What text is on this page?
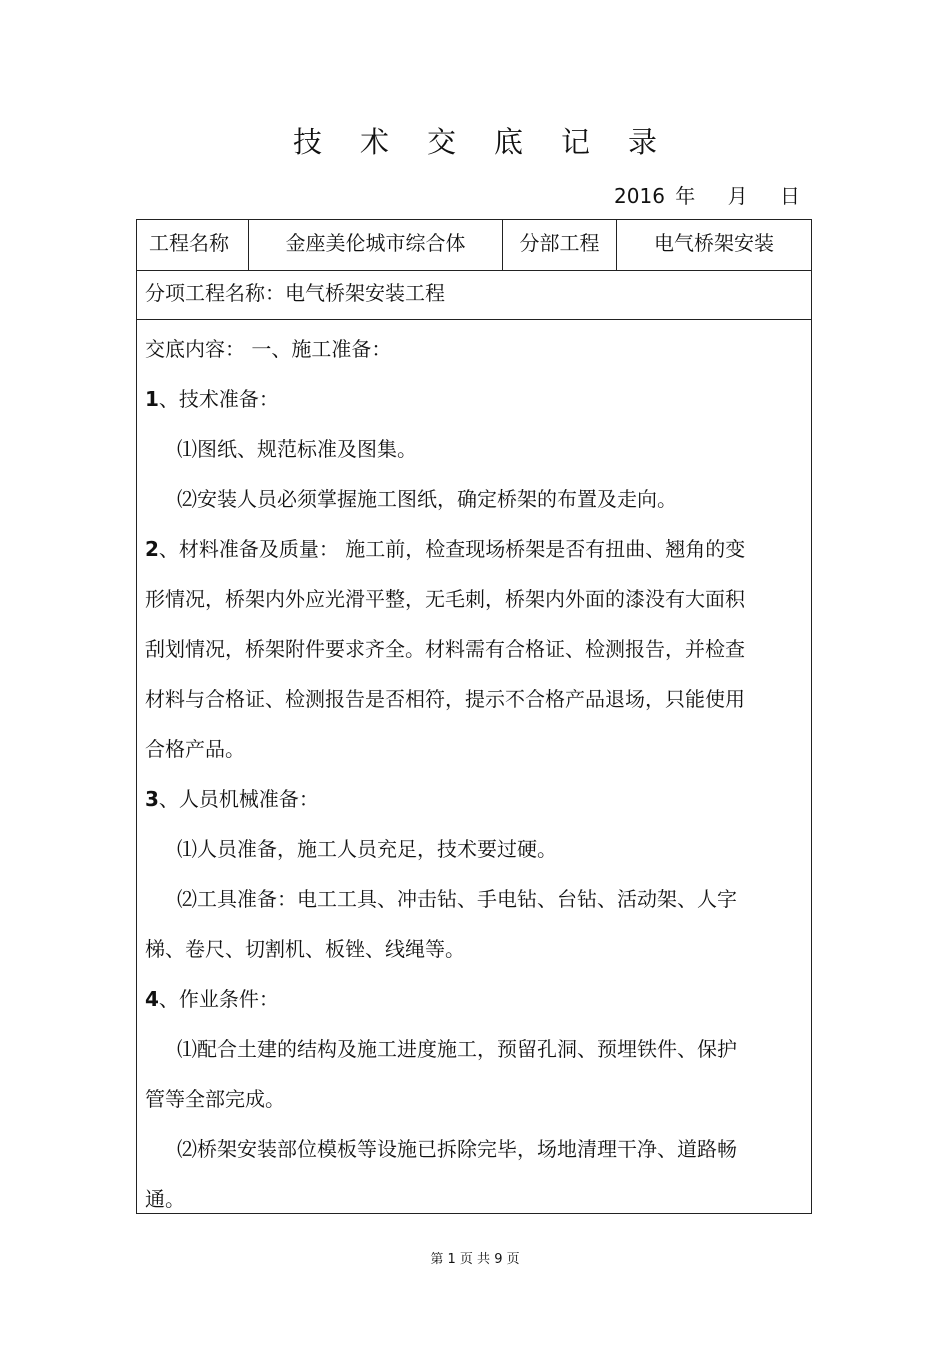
技 术 交 底 记 录
2016 年 月 日
工程名称	金座美伦城市综合体	分部工程	电气桥架安装
分项工程名称：电气桥架安装工程
交底内容： 一、施工准备：
1、技术准备：
⑴图纸、规范标准及图集。
⑵安装人员必须掌握施工图纸，确定桥架的布置及走向。
2、材料准备及质量： 施工前，检查现场桥架是否有扭曲、翘角的变
形情况，桥架内外应光滑平整，无毛刺，桥架内外面的漆没有大面积
刮划情况，桥架附件要求齐全。材料需有合格证、检测报告，并检查
材料与合格证、检测报告是否相符，提示不合格产品退场，只能使用
合格产品。
3、人员机械准备：
⑴人员准备，施工人员充足，技术要过硬。
⑵工具准备：电工工具、冲击钻、手电钻、台钻、活动架、人字
梯、卷尺、切割机、板锉、线绳等。
4、作业条件：
⑴配合土建的结构及施工进度施工，预留孔洞、预埋铁件、保护
管等全部完成。
⑵桥架安装部位模板等设施已拆除完毕，场地清理干净、道路畅
通。
第 1 页 共 9 页
